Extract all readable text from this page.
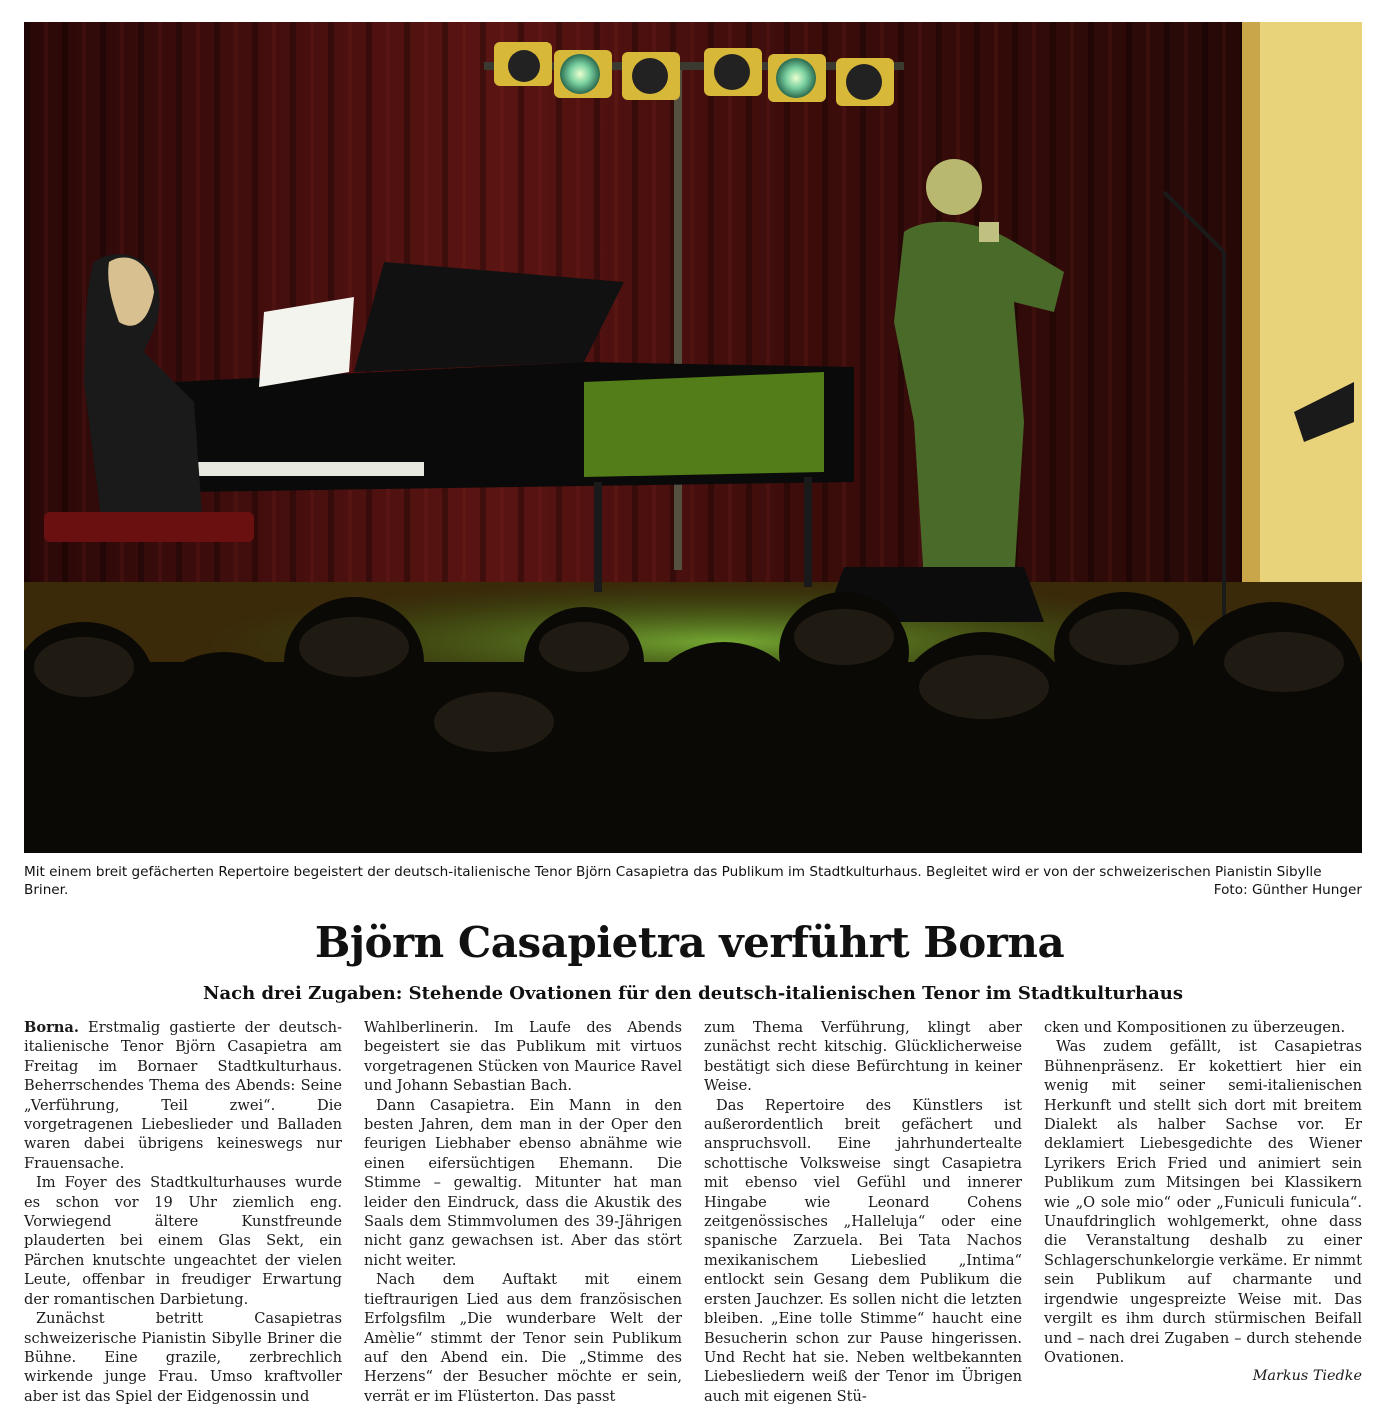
Mit einem breit gefächerten Repertoire begeistert der deutsch-italienische Tenor Björn Casapietra das Publikum im Stadtkulturhaus. Begleitet wird er von der schweizerischen Pianistin Sibylle Briner.	Foto: Günther Hunger
Björn Casapietra verführt Borna
Nach drei Zugaben: Stehende Ovationen für den deutsch-italienischen Tenor im Stadtkulturhaus

Borna. Erstmalig gastierte der deutsch-italienische Tenor Björn Casapietra am Freitag im Bornaer Stadtkulturhaus. Beherrschendes Thema des Abends: Seine „Verführung, Teil zwei“. Die vorgetragenen Liebeslieder und Balladen waren dabei übrigens keineswegs nur Frauensache.

Im Foyer des Stadtkulturhauses wurde es schon vor 19 Uhr ziemlich eng. Vorwiegend ältere Kunstfreunde plauderten bei einem Glas Sekt, ein Pärchen knutschte ungeachtet der vielen Leute, offenbar in freudiger Erwartung der romantischen Darbietung.

Zunächst betritt Casapietras schweizerische Pianistin Sibylle Briner die Bühne. Eine grazile, zerbrechlich wirkende junge Frau. Umso kraftvoller aber ist das Spiel der Eidgenossin und

Wahlberlinerin. Im Laufe des Abends begeistert sie das Publikum mit virtuos vorgetragenen Stücken von Maurice Ravel und Johann Sebastian Bach.

Dann Casapietra. Ein Mann in den besten Jahren, dem man in der Oper den feurigen Liebhaber ebenso abnähme wie einen eifersüchtigen Ehemann. Die Stimme – gewaltig. Mitunter hat man leider den Eindruck, dass die Akustik des Saals dem Stimmvolumen des 39-Jährigen nicht ganz gewachsen ist. Aber das stört nicht weiter.

Nach dem Auftakt mit einem tieftraurigen Lied aus dem französischen Erfolgsfilm „Die wunderbare Welt der Amèlie“ stimmt der Tenor sein Publikum auf den Abend ein. Die „Stimme des Herzens“ der Besucher möchte er sein, verrät er im Flüsterton. Das passt

zum Thema Verführung, klingt aber zunächst recht kitschig. Glücklicherweise bestätigt sich diese Befürchtung in keiner Weise.

Das Repertoire des Künstlers ist außerordentlich breit gefächert und anspruchsvoll. Eine jahrhundertealte schottische Volksweise singt Casapietra mit ebenso viel Gefühl und innerer Hingabe wie Leonard Cohens zeitgenössisches „Halleluja“ oder eine spanische Zarzuela. Bei Tata Nachos mexikanischem Liebeslied „Intima“ entlockt sein Gesang dem Publikum die ersten Jauchzer. Es sollen nicht die letzten bleiben. „Eine tolle Stimme“ haucht eine Besucherin schon zur Pause hingerissen. Und Recht hat sie. Neben weltbekannten Liebesliedern weiß der Tenor im Übrigen auch mit eigenen Stü-

cken und Kompositionen zu überzeugen.

Was zudem gefällt, ist Casapietras Bühnenpräsenz. Er kokettiert hier ein wenig mit seiner semi-italienischen Herkunft und stellt sich dort mit breitem Dialekt als halber Sachse vor. Er deklamiert Liebesgedichte des Wiener Lyrikers Erich Fried und animiert sein Publikum zum Mitsingen bei Klassikern wie „O sole mio“ oder „Funiculi funicula“. Unaufdringlich wohlgemerkt, ohne dass die Veranstaltung deshalb zu einer Schlagerschunkelorgie verkäme. Er nimmt sein Publikum auf charmante und irgendwie ungespreizte Weise mit. Das vergilt es ihm durch stürmischen Beifall und – nach drei Zugaben – durch stehende Ovationen.

Markus Tiedke
